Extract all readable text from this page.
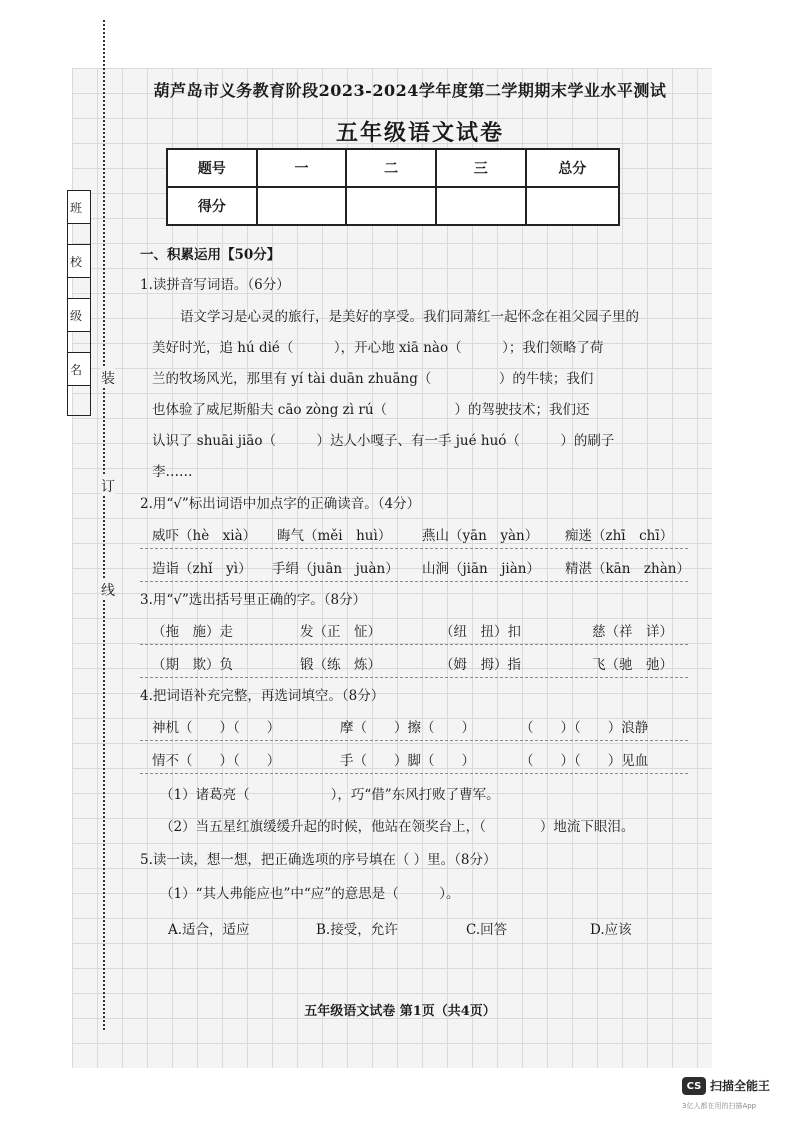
班
校
级
名
装
订
线
葫芦岛市义务教育阶段2023-2024学年度第二学期期末学业水平测试
五年级语文试卷
题号	一	二	三	总分
得分				
一、积累运用【50分】
1.读拼音写词语。（6分）
语文学习是心灵的旅行，是美好的享受。我们同萧红一起怀念在祖父园子里的
美好时光，追 hú dié（　　　），开心地 xiā nào（　　　）；我们领略了荷
兰的牧场风光，那里有 yí tài duān zhuāng（　　　　　）的牛犊；我们
也体验了威尼斯船夫 cāo zòng zì rú（　　　　　）的驾驶技术；我们还
认识了 shuāi jiāo（　　　）达人小嘎子、有一手 jué huó（　　　）的刷子
李……
2.用“√”标出词语中加点字的正确读音。（4分）
威吓（hè　xià） 晦气（měi　huì） 燕山（yān　yàn） 痴迷（zhī　chī）
造诣（zhǐ　yì） 手绢（juān　juàn） 山涧（jiān　jiàn） 精湛（kān　zhàn）
3.用“√”选出括号里正确的字。（8分）
（拖　施）走	发（正　怔）	（纽　扭）扣	慈（祥　详）
（期　欺）负	锻（练　炼）	（姆　拇）指	飞（驰　弛）
4.把词语补充完整，再选词填空。（8分）
神机（　　）（　　）	摩（　　）擦（　　）	（　　）（　　）浪静
情不（　　）（　　）	手（　　）脚（　　）	（　　）（　　）见血
（1）诸葛亮（　　　　　　），巧“借”东风打败了曹军。
（2）当五星红旗缓缓升起的时候，他站在领奖台上，（　　　　）地流下眼泪。
5.读一读，想一想，把正确选项的序号填在（ ）里。（8分）
（1）“其人弗能应也”中“应”的意思是（　　　）。
A.适合，适应	B.接受，允许	C.回答	D.应该
五年级语文试卷 第1页（共4页）
CS 扫描全能王
3亿人都在用的扫描App
